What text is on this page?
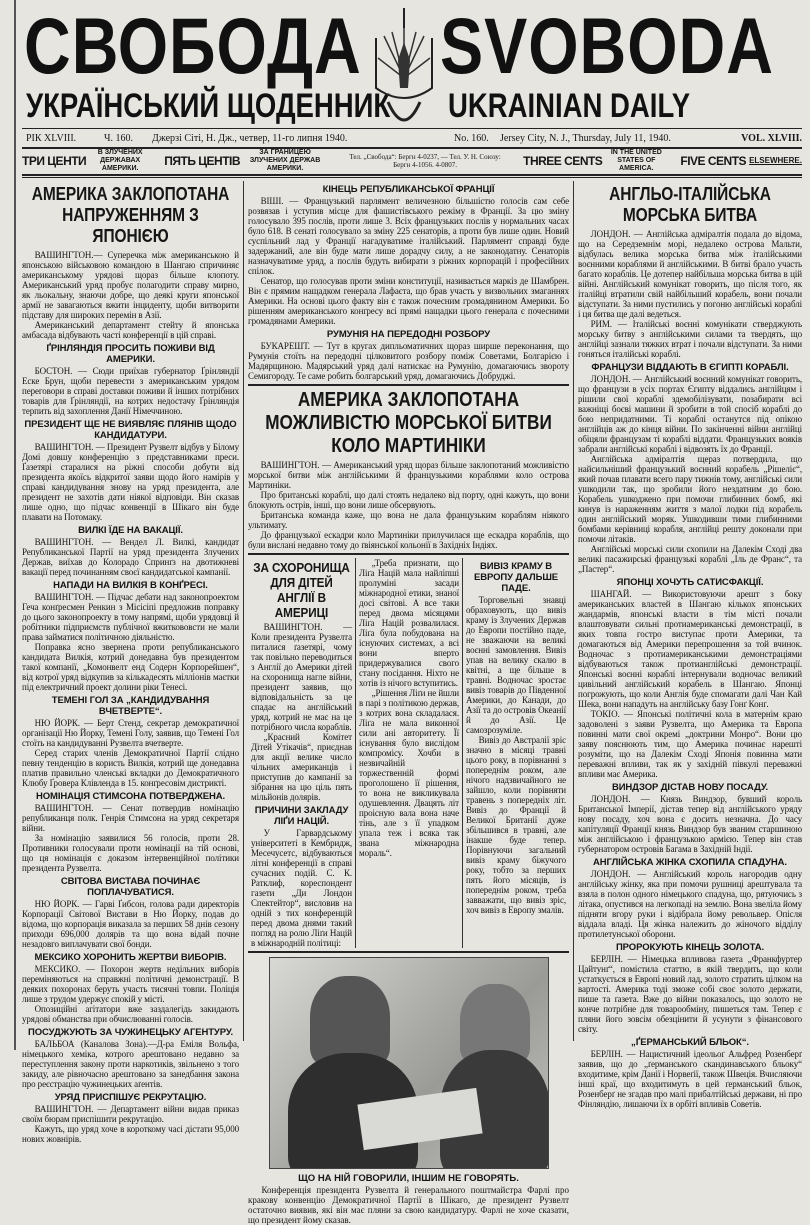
СВОБОДА SVOBODA
УКРАЇНСЬКИЙ ЩОДЕННИК UKRAINIAN DAILY
РІК XLVIII.	Ч. 160. Джерзі Сіті, Н. Дж., четвер, 11-го липня 1940.	No. 160. Jersey City, N. J., Thursday, July 11, 1940.	VOL. XLVIII.
ТРИ ЦЕНТИ
В ЗЛУЧЕНИХ ДЕРЖАВАХ АМЕРИКИ.
ПЯТЬ ЦЕНТІВ
ЗА ГРАНИЦЕЮ ЗЛУЧЕНИХ ДЕРЖАВ АМЕРИКИ.
Тел. „Свобода“: Бергн 4-0237, — Тел. У. Н. Союзу: Бергн 4-1056. 4-0807.	THREE CENTS
IN THE UNITED STATES OF AMERICA.
FIVE CENTS ELSEWHERE.
АМЕРИКА ЗАКЛОПОТАНА НАПРУЖЕННЯМ З ЯПОНІЄЮ

ВАШИНГТОН.— Суперечка між американською й японською військовою командою в Шангаю спричиняє американському урядові щораз більше клопоту. Американський уряд пробує полагодити справу мирно, як льокальну, знаючи добре, що деякі круги японської армії не завагаються вжити інциденту, щоби витворити підставу для широких перемін в Азії.

Американський департамент стейту й японська амбасада відбувають часті конференції в цій справі.

ҐРІНЛЯНДІЯ ПРОСИТЬ ПОЖИВИ ВІД АМЕРИКИ.

БОСТОН. — Сюди приїхав губернатор Ґрінляндії Еске Брун, щоби перевести з американським урядом переговори в справі доставки поживи й інших потрібних товарів для Ґрінляндії, на котрих недостачу Ґрінляндія терпить від захоплення Данії Німеччиною.

ПРЕЗИДЕНТ ЩЕ НЕ ВИЯВЛЯЄ ПЛЯНІВ ЩОДО КАНДИДАТУРИ.

ВАШИНГТОН. — Президент Рузвелт відбув у Білому Домі довшу конференцію з представниками преси. Ґазетярі старалися на ріжні способи добути від президента якоїсь відкритої заяви щодо його намірів у справі кандидування знову на уряд президента, але президент не захотів дати ніякої відповіди. Він сказав лише одно, що підчас конвенції в Шікаго він буде плавати на Потомаку.

ВИЛКІ ЇДЕ НА ВАКАЦІЇ.

ВАШИНГТОН. — Вендел Л. Вилкі, кандидат Републиканської Партії на уряд президента Злучених Держав, виїхав до Колорадо Спринґз на двотижневі вакації перед починанням своєї кандидатської кампанії.

НАПАДИ НА ВИЛКІЯ В КОНҐРЕСІ.

ВАШИНГТОН. — Підчас дебати над законопроектом Геча конґресмен Ренкин з Місісіпі предложив поправку до цього законопроекту в тому напрямі, щоби урядовці й робітники підприємств публічної вжиткововсти не мали права займатися політичною діяльністю.

Поправка ясно звернена проти републиканського кандидата Вилкія, котрий донедавна був президентом такої компанії, „Комонвелт енд Содерн Корпорейшен“, від котрої уряд відкупив за кількадесять мілліонів маєтки під електричний проект долини ріки Тенесі.

ТЕМЕНІ ГОЛ ЗА „КАНДИДУВАННЯ ВЧЕТВЕРТЕ“.

НЮ ЙОРК. — Берт Стенд, секретар демократичної організації Ню Йорку, Темені Голу, заявив, що Темені Гол стоїть на кандидуванні Рузвелта вчетверте.

Серед старих членів Демократичної Партії слідно певну тенденцію в користь Вилкія, котрий ще донедавна платив правильно членські вкладки до Демократичного Клюбу Ґровера Клівленда в 15. конґресовім дистрикті.

НОМІНАЦІЯ СТИМСОНА ПОТВЕРДЖЕНА.

ВАШИНГТОН. — Сенат потвердив номінацію републиканця полк. Генрія Стимсона на уряд секретаря війни.

За номінацію заявилися 56 голосів, проти 28. Противники голосували проти номінації на тій основі, що ця номінація є доказом інтервенційної політики президента Рузвелта.

СВІТОВА ВИСТАВА ПОЧИНАЄ ПОПЛАЧУВАТИСЯ.

НЮ ЙОРК. — Гарві Ґибсон, голова ради директорів Корпорації Світової Вистави в Ню Йорку, подав до відома, що корпорація виказала за перших 58 днів сезону приходи 696,000 долярів та що вона відай почне незадовго виплачувати свої бонди.

МЕКСИКО ХОРОНИТЬ ЖЕРТВИ ВИБОРІВ.

МЕКСИКО. — Похорон жертв недільних виборів переміняються на справжні політичні демонстрації. В деяких похоронах беруть участь тисячні товпи. Поліція лише з трудом удержує спокій у місті.

Опозиційні агітатори вже заздалегідь закидають урядові обманства при обчислюванні голосів.

ПОСУДЖУЮТЬ ЗА ЧУЖИНЕЦЬКУ АГЕНТУРУ.

БАЛЬБОА (Каналова Зона).—Д-ра Еміля Вольфа, німецького хеміка, котрого арештовано недавно за переступлення закону проти наркотиків, звільнено з того закиду, але рівночасно арештовано за занедбання закона про реєстрацію чужинецьких аґентів.

УРЯД ПРИСПІШУЄ РЕКРУТАЦІЮ.

ВАШИНГТОН. — Департамент війни видав приказ своїм бюрам приспішити рекрутацію.

Кажуть, що уряд хоче в короткому часі дістати 95,000 нових жовнірів.

КІНЕЦЬ РЕПУБЛИКАНСЬКОЇ ФРАНЦІЇ

ВІШІ. — Французький парлямент величезною більшістю голосів сам себе розвязав і уступив місце для фашистівського режіму в Франції. За цю зміну голосувало 395 послів, проти лише 3. Всіх французьких послів у нормальних часах було 618. В сенаті голосувало за зміну 225 сенаторів, а проти був лише один. Новий суспільний лад у Франції нагадуватиме італійський. Парлямент справді буде задержаний, але він буде мати лише дорадчу силу, а не законодатну. Сенаторів назначуватиме уряд, а послів будуть вибирати з ріжних корпорацій і професійних спілок.

Сенатор, що голосував проти зміни конституції, називається маркіз де Шамбрен. Він є прямим нащадком генерала Лафаєта, що брав участь у визвольних змаганнях Америки. На основі цього факту він є також почесним громадянином Америки. Бо рішенням американського конґресу всі прямі нащадки цього генерала є почесними громадянами Америки.

РУМУНІЯ НА ПЕРЕДОДНІ РОЗБОРУ

БУКАРЕШТ. — Тут в кругах дипльоматичних щораз ширше переконання, що Румунія стоїть на передодні цілковитого розбору поміж Советами, Болгарією і Мадярщиною. Мадярський уряд далі натискає на Румунію, домагаючись звороту Семигороду. Те саме робить болгарський уряд, домагаючись Добруджі.

АМЕРИКА ЗАКЛОПОТАНА МОЖЛИВІСТЮ МОРСЬКОЇ БИТВИ КОЛО МАРТИНІКИ

ВАШИНГТОН. — Американський уряд щораз більше заклопотаний можливістю морської битви між англійськими й французькими кораблями коло острова Мартиніки.

Про британські кораблі, що далі стоять недалеко від порту, одні кажуть, що вони блокують острів, інші, що вони лише обсервують.

Британська команда каже, що вона не дала французьким кораблям ніякого ультимату.

До французької ескадри коло Мартиніки прилучилася ще ескадра кораблів, що були вислані недавно тому до ґвіянської кольонії в Західніх Індіях.

ЗА СХОРОНИЩА ДЛЯ ДІТЕЙ АНГЛІЇ В АМЕРИЦІ

ВАШИНГТОН. — Коли президента Рузвелта питалися ґазетярі, чому так повільно переводиться з Англії до Америки дітей на схоронища нагле війни, президент заявив, що відповідальність за це спадає на англійський уряд, котрий не має на це потрібного числа кораблів.

„Красний Комітет Дітей Утікачів“, приєднав для акції велике число чільних американців і приступив до кампанії за зібрання на цю ціль пять мільйонів долярів.

ПРИЧИНИ ЗАКЛАДУ ЛІҐИ НАЦІЙ.

У Гарвардському університеті в Кембридж, Месечусетс, відбуваються літні конференції в справі сучасних подій. С. К. Ратклиф, кореспондент газети „Ди Лондон Спектейтор“, висловив на одній з тих конференцій перед двома днями такий погляд на ролю Ліґи Націй в міжнародній політиці:

„Треба признати, що Ліґа Націй мала найліпші пролуміні засади міжнародної етики, знаної досі світові. А все таки перед двома місяцями Ліґа Націй розвалилася. Ліґа була побудована на існуючих системах, а всі вони вперто придержувалися свого стану посідання. Ніхто не хотів із нічого вступитись.

„Рішення Ліґи не йшли в парі з політикою держав, з котрих вона складалася. Ліґа не мала виконної сили ані авторитету. Її існування було вислідом компромісу. Хочби в незвичайній торжественній формі проголошено її рішення, то вона не викликувала одушевлення. Двацять літ проісную вала вона наче тінь, але з її упадком упала теж і всяка так звана міжнародна мораль“.

ВИВІЗ КРАМУ В ЕВРОПУ ДАЛЬШЕ ПАДЕ.

Торговельні знавці обраховують, що вивіз краму із Злучених Держав до Европи постійно паде, не зважаючи на великі воєнні замовлення. Вивіз упав на велику скалю в квітні, а ще більше в травні. Водночас зростає вивіз товарів до Південної Америки, до Канади, до Азії та до островів Океанії й до Азії. Це самозрозуміле.

Вивіз до Австралії зріс значно в місяці травні цього року, в порівнанні з попереднім роком, але нічого надзвичайного не зайшло, коли порівняти травень з попередніх літ. Вивіз до Франції й Великої Британії дуже збільшився в травні, але інакше буде тепер. Порівнуючи загальний вивіз краму біжучого року, тобто за перших пять його місяців, із попереднім роком, треба завважати, що вивіз зріс, хоч вивіз в Европу змалів.

ЩО НА НІЙ ГОВОРИЛИ, ІНШИМ НЕ ГОВОРЯТЬ.

Конференція президента Рузвелта й генерального поштмайстра Фарлі про кракову конвенцію Демократичної Партії в Шікаго, де президент Рузвелт остаточно виявив, які він має пляни за свою кандидатуру. Фарлі не хоче сказати, що президент йому сказав.

АНГЛЬО-ІТАЛІЙСЬКА МОРСЬКА БИТВА

ЛОНДОН. — Англійська адміралтія подала до відома, що на Середземнім морі, недалеко острова Мальти, відбулась велика морська битва між італійськими воєнними кораблями й англійськими. В битві брало участь багато кораблів. Це дотепер найбільша морська битва в цій війні. Англійський комунікат говорить, що після того, як італійці втратили свій найбільший корабель, вони почали відступати. За ними пустились у погоню англійські кораблі і ця битва ще далі ведеться.

РИМ. — Італійські воєнні комунікати стверджують морську битву з англійськими силами та твердять, що англійці зазнали тяжких втрат і почали відступати. За ними гоняться італійські кораблі.

ФРАНЦУЗИ ВІДДАЮТЬ В ЄГИПТІ КОРАБЛІ.

ЛОНДОН. — Англійський воєнний комунікат говорить, що французи в усіх портах Єгипту віддались англійцям і рішили свої кораблі здемобілізувати, позабирати всі важніщі боєві машини й зробити в той спосіб кораблі до бою непридатними. Ті кораблі останутся під опікою англійців аж до кінця війни. По закінченні війни англійці обіцяли французам ті кораблі віддати. Французьких вояків забрали англійські кораблі і відвозять їх до Франції.

Англійська адміралтія щераз потвердила, що найсильніший французький воєнний корабель „Рішеліє“, який почав плавати всего пару тижнів тому, англійські сили ушкодили так, що зробили його нездатним до бою. Корабель ушкоджено при помочи глибинних бомб, які кинув із нараженням життя з малої лодки під корабель один англійський моряк. Ушкодивши тими глибинними бомбами керівниці корабля, англійці решту доконали при помочи літаків.

Англійські морські сили схопили на Далекім Сході два великі пасажирські французькі кораблі „Іль де Франс“, та „Пастер“.

ЯПОНЦІ ХОЧУТЬ САТИСФАКЦІЇ.

ШАНГАЙ. — Використовуючи арешт з боку американських властей в Шангаю кількох японських жандармів, японські власти в тім місті почали влаштовувати сильні протиамериканські демонстрації, в яких товпа гостро виступає проти Америки, та домагаються від Америки перепрошення за той вчинок. Водночас з протиамериканськими демонстраціями відбуваються також протианглійські демонстрації. Японські воєнні кораблі інтернували водночас великий цивільний англійський корабель в Шангаю. Японці погрожують, що коли Англія буде спомагати далі Чан Кай Шека, вони нападуть на англійську базу Гонґ Конґ.

ТОКІО. — Японські політичні кола в матернім краю задоволені з заяви Рузвелта, що Америка та Европа повинні мати свої окремі „доктрини Монро“. Вони цю заяву пояснюють тим, що Америка починає нарешті розуміти, що на Далекім Сході Японія повинна мати переважні впливи, так як у західній півкулі переважні впливи має Америка.

ВИНДЗОР ДІСТАВ НОВУ ПОСАДУ.

ЛОНДОН. — Князь Виндзор, бувший король Британської Імперії, дістав тепер від англійського уряду нову посаду, хоч вона є досить незначна. До часу капітуляції Франції князь Виндзор був званим старшиною між англійською і французькою армією. Тепер він став губернатором островів Багама в Західній Індії.

АНГЛІЙСЬКА ЖІНКА СХОПИЛА СПАДУНА.

ЛОНДОН. — Англійський король нагородив одну англійську жінку, яка при помочи рушниці арештувала та взяла в полон одного німецького спадуна, що, рятуючись з літака, опустився на легкопаді на землю. Вона звеліла йому підняти вгору руки і відібрала йому револьвер. Опісля віддала владі. Ця жінка належить до жіночого відділу протилетунської оборони.

ПРОРОКУЮТЬ КІНЕЦЬ ЗОЛОТА.

БЕРЛІН. — Німецька впливова ґазета „Франкфуртер Цайтунґ“, помістила статтю, в якій твердить, що коли устаткується в Европі новий лад, золото стратить цілком на вартості. Америка тоді зможе собі своє золото держати, пише та ґазета. Вже до війни показалось, що золото не конче потрібне для товарообміну, пишеться там. Тепер є пляни його зовсім обезцінити й усунути з фінансового світу.

„ҐЕРМАНСЬКИЙ БЛЬОК“.

БЕРЛІН. — Нацистичний ідеольоґ Альфред Розенберґ заявив, що до „ґерманського скандинавського бльоку“ входитиме, крім Данії і Норвеґії, також Швеція. Вчисляючи інші краї, що входитимуть в цей ґерманський бльок, Розенберґ не згадав про малі прибалтійські держави, ні про Фінляндію, лишаючи їх в орбіті впливів Советів.
